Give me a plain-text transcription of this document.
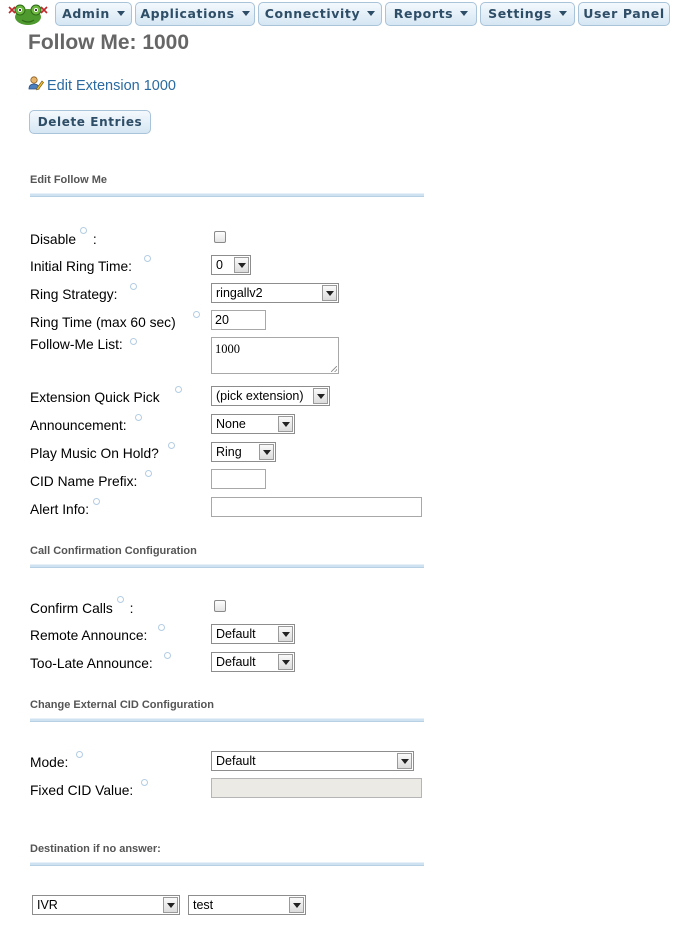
Admin	Applications	Connectivity	Reports	Settings	User Panel
Follow Me: 1000
Edit Extension 1000
Delete Entries
Edit Follow Me
Disable :
Initial Ring Time:	0
Ring Strategy:	ringallv2
Ring Time (max 60 sec)	20
Follow-Me List:	1000
Extension Quick Pick	(pick extension)
Announcement:	None
Play Music On Hold?	Ring
CID Name Prefix:
Alert Info:
Call Confirmation Configuration
Confirm Calls :
Remote Announce:	Default
Too-Late Announce:	Default
Change External CID Configuration
Mode:	Default
Fixed CID Value:
Destination if no answer:
IVR	test
